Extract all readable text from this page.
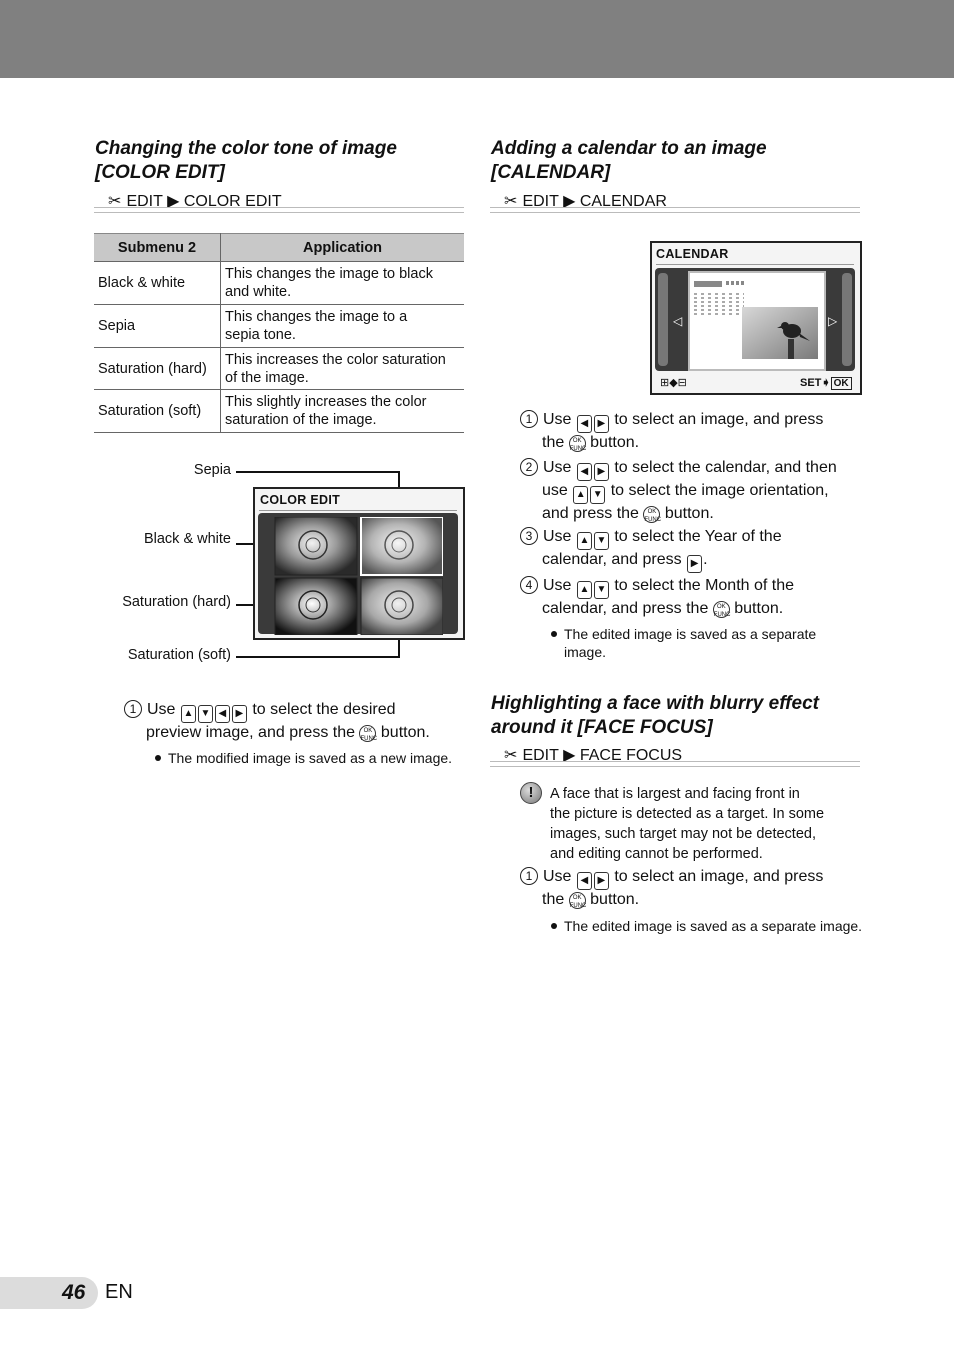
Changing the color tone of image
[COLOR EDIT]
✂ EDIT ▶ COLOR EDIT
Submenu 2	Application
Black & white	This changes the image to black
and white.

Sepia	This changes the image to a
sepia tone.

Saturation (hard)	This increases the color saturation
of the image.

Saturation (soft)	This slightly increases the color
saturation of the image.
Sepia
Black & white
Saturation (hard)
Saturation (soft)
COLOR EDIT
1 Use ▲ ▼ ◀ ▶ to select the desired
preview image, and press the OK
FUNC button.
The modified image is saved as a new image.
Adding a calendar to an image
[CALENDAR]
✂ EDIT ▶ CALENDAR
CALENDAR
◁	▷
⊞◆⊟	SET➧ OK
1 Use ◀ ▶ to select an image, and press
the OK
FUNC button.
2 Use ◀ ▶ to select the calendar, and then
use ▲ ▼ to select the image orientation,
and press the OK
FUNC button.
3 Use ▲ ▼ to select the Year of the
calendar, and press ▶ .
4 Use ▲ ▼ to select the Month of the
calendar, and press the OK
FUNC button.
The edited image is saved as a separate
image.
Highlighting a face with blurry effect
around it [FACE FOCUS]
✂ EDIT ▶ FACE FOCUS
!	A face that is largest and facing front in
the picture is detected as a target. In some
images, such target may not be detected,
and editing cannot be performed.
1 Use ◀ ▶ to select an image, and press
the OK
FUNC button.
The edited image is saved as a separate image.
46 EN
